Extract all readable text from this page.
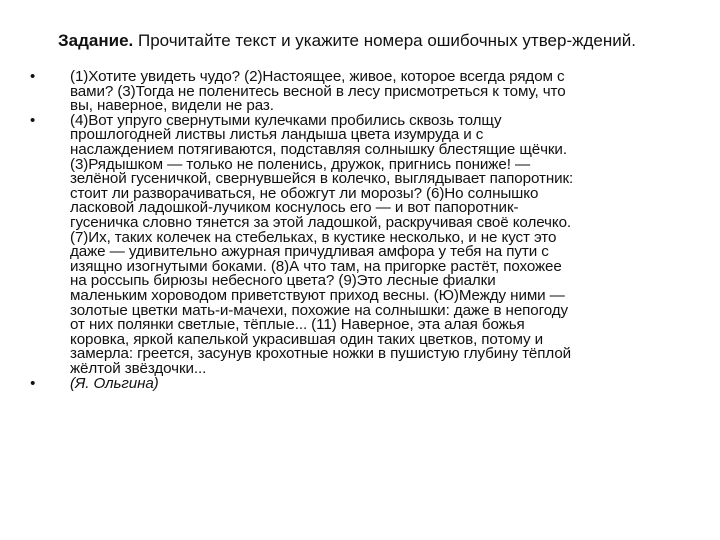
Задание. Прочитайте текст и укажите номера ошибочных утвер-ждений.
•	(1)Хотите увидеть чудо? (2)Настоящее, живое, которое всегда рядом с
вами? (3)Тогда не поленитесь весной в лесу присмотреться к тому, что
вы, наверное, видели не раз.
•	(4)Вот упруго свернутыми кулечками пробились сквозь толщу
прошлогодней листвы листья ландыша цвета изумруда и с
наслаждением потягиваются, подставляя солнышку блестящие щёчки.
(3)Рядышком — только не поленись, дружок, пригнись пониже! —
зелёной гусеничкой, свернувшейся в колечко, выглядывает папоротник:
стоит ли разворачиваться, не обожгут ли морозы? (6)Но солнышко
ласковой ладошкой-лучиком коснулось его — и вот папоротник-
гусеничка словно тянется за этой ладошкой, раскручивая своё колечко.
(7)Их, таких колечек на стебельках, в кустике несколько, и не куст это
даже — удивительно ажурная причудливая амфора у тебя на пути с
изящно изогнутыми боками. (8)А что там, на пригорке растёт, похожее
на россыпь бирюзы небесного цвета? (9)Это лесные фиалки
маленьким хороводом приветствуют приход весны. (Ю)Между ними —
золотые цветки мать-и-мачехи, похожие на солнышки: даже в непогоду
от них полянки светлые, тёплые... (11) Наверное, эта алая божья
коровка, яркой капелькой украсившая один таких цветков, потому и
замерла: греется, засунув крохотные ножки в пушистую глубину тёплой
жёлтой звёздочки...
•	(Я. Ольгина)
